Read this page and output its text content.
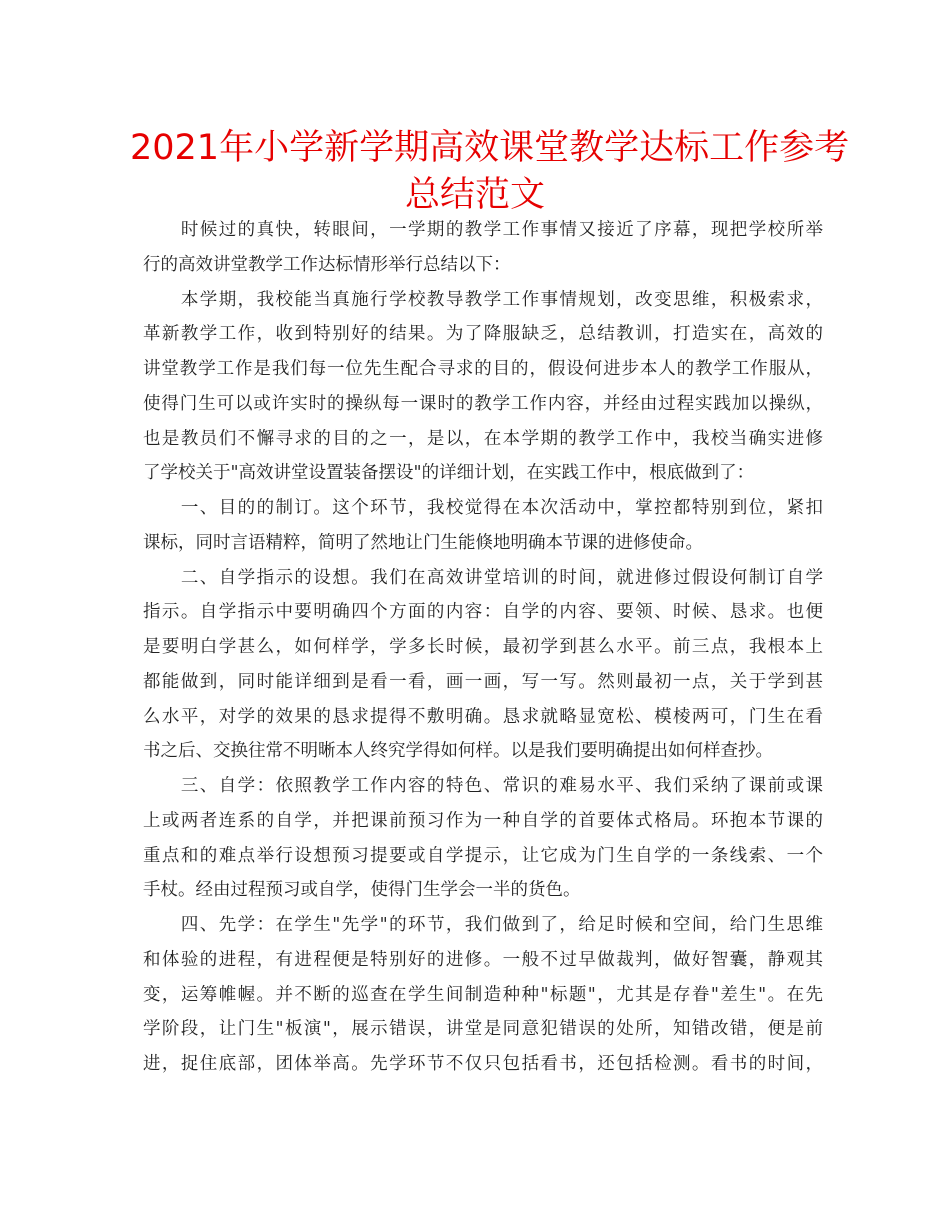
2021年小学新学期高效课堂教学达标工作参考
总结范文
　　时候过的真快，转眼间，一学期的教学工作事情又接近了序幕，现把学校所举
行的高效讲堂教学工作达标情形举行总结以下：
　　本学期，我校能当真施行学校教导教学工作事情规划，改变思维，积极索求，
革新教学工作，收到特别好的结果。为了降服缺乏，总结教训，打造实在，高效的
讲堂教学工作是我们每一位先生配合寻求的目的，假设何进步本人的教学工作服从，
使得门生可以或许实时的操纵每一课时的教学工作内容，并经由过程实践加以操纵，
也是教员们不懈寻求的目的之一，是以，在本学期的教学工作中，我校当确实进修
了学校关于"高效讲堂设置装备摆设"的详细计划，在实践工作中，根底做到了：
　　一、目的的制订。这个环节，我校觉得在本次活动中，掌控都特别到位，紧扣
课标，同时言语精粹，简明了然地让门生能倏地明确本节课的进修使命。
　　二、自学指示的设想。我们在高效讲堂培训的时间，就进修过假设何制订自学
指示。自学指示中要明确四个方面的内容：自学的内容、要领、时候、恳求。也便
是要明白学甚么，如何样学，学多长时候，最初学到甚么水平。前三点，我根本上
都能做到，同时能详细到是看一看，画一画，写一写。然则最初一点，关于学到甚
么水平，对学的效果的恳求提得不敷明确。恳求就略显宽松、模棱两可，门生在看
书之后、交换往常不明晰本人终究学得如何样。以是我们要明确提出如何样查抄。
　　三、自学：依照教学工作内容的特色、常识的难易水平、我们采纳了课前或课
上或两者连系的自学，并把课前预习作为一种自学的首要体式格局。环抱本节课的
重点和的难点举行设想预习提要或自学提示，让它成为门生自学的一条线索、一个
手杖。经由过程预习或自学，使得门生学会一半的货色。
　　四、先学：在学生"先学"的环节，我们做到了，给足时候和空间，给门生思维
和体验的进程，有进程便是特别好的进修。一般不过早做裁判，做好智囊，静观其
变，运筹帷幄。并不断的巡查在学生间制造种种"标题"，尤其是存眷"差生"。在先
学阶段，让门生"板演"，展示错误，讲堂是同意犯错误的处所，知错改错，便是前
进，捉住底部，团体举高。先学环节不仅只包括看书，还包括检测。看书的时间，
